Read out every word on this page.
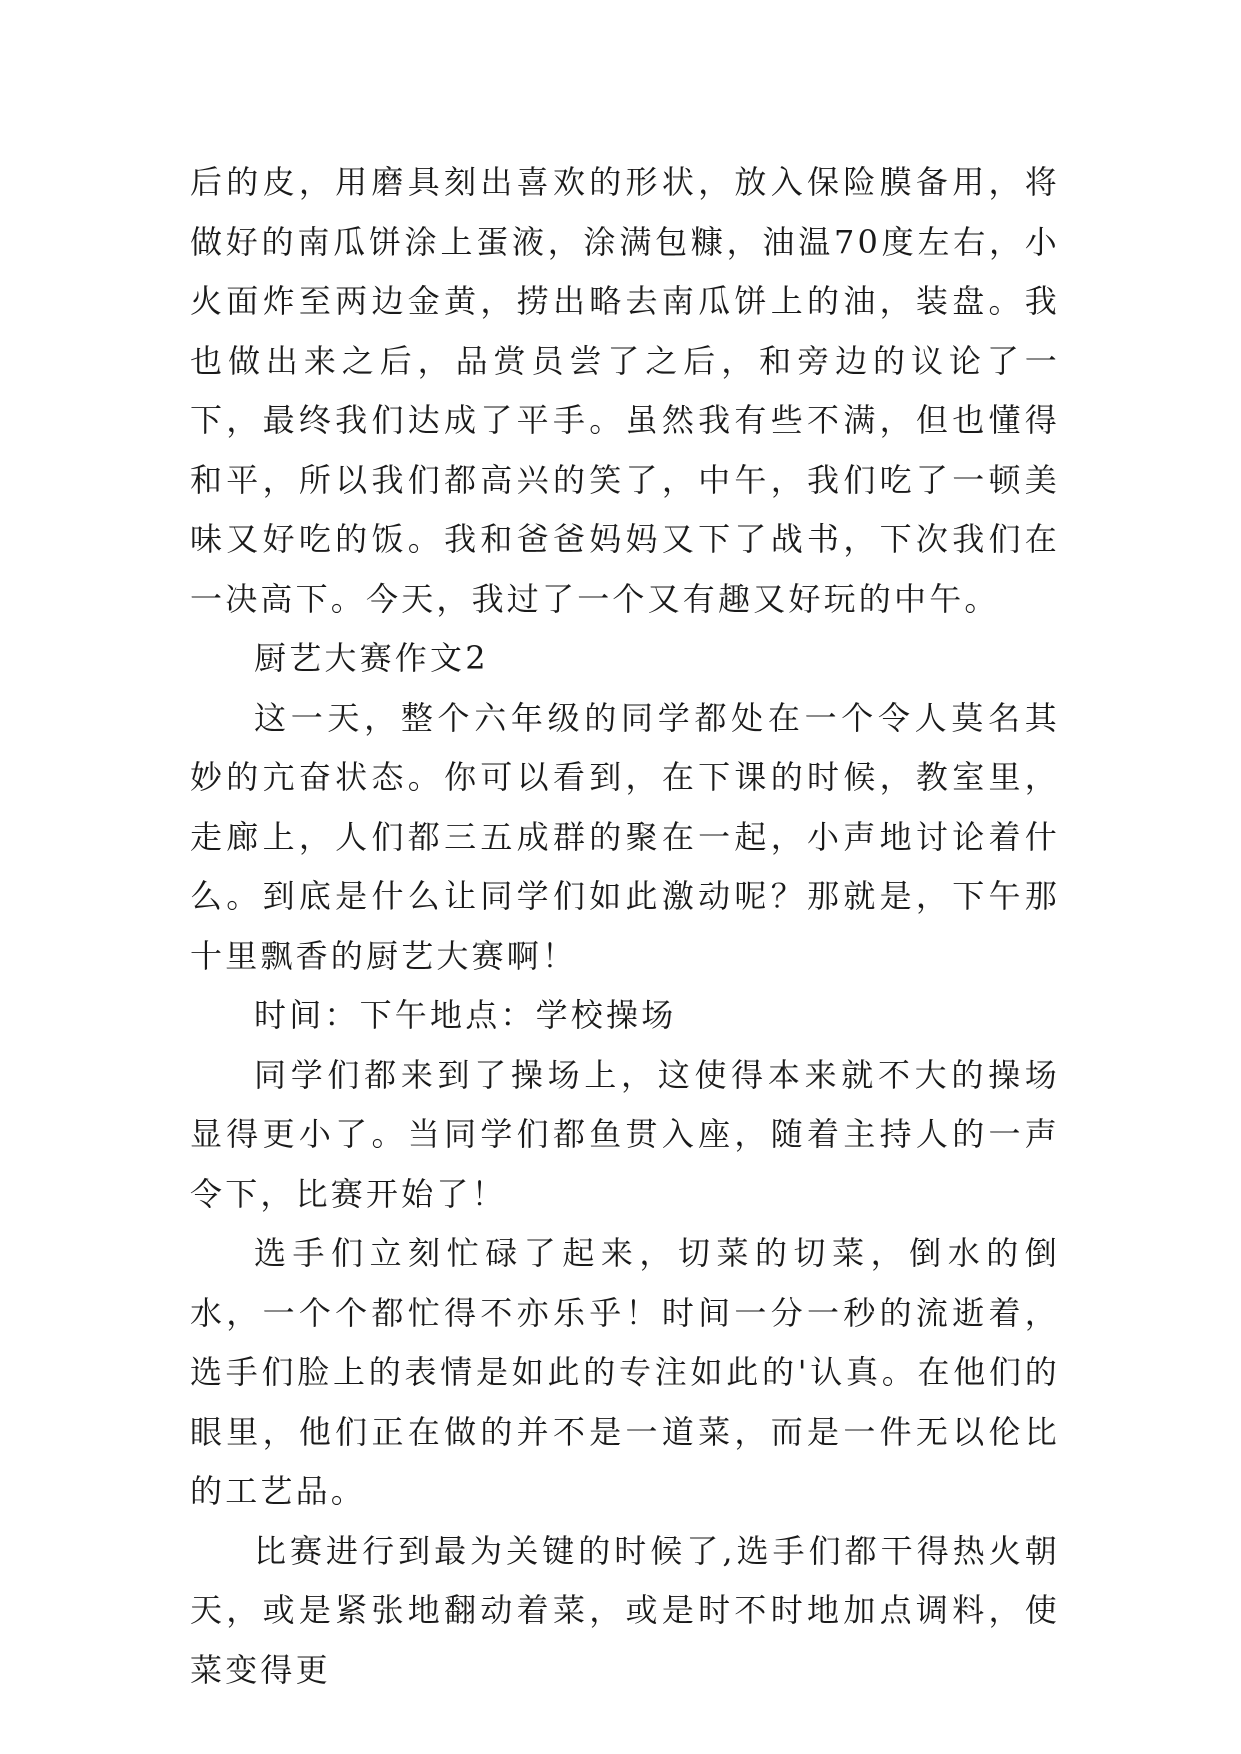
后的皮，用磨具刻出喜欢的形状，放入保险膜备用，将做好的南瓜饼涂上蛋液，涂满包糠，油温70度左右，小火面炸至两边金黄，捞出略去南瓜饼上的油，装盘。我也做出来之后，品赏员尝了之后，和旁边的议论了一下，最终我们达成了平手。虽然我有些不满，但也懂得和平，所以我们都高兴的笑了，中午，我们吃了一顿美味又好吃的饭。我和爸爸妈妈又下了战书，下次我们在一决高下。今天，我过了一个又有趣又好玩的中午。

厨艺大赛作文2

这一天，整个六年级的同学都处在一个令人莫名其妙的亢奋状态。你可以看到，在下课的时候，教室里，走廊上，人们都三五成群的聚在一起，小声地讨论着什么。到底是什么让同学们如此激动呢？那就是，下午那十里飘香的厨艺大赛啊！

时间：下午地点：学校操场

同学们都来到了操场上，这使得本来就不大的操场显得更小了。当同学们都鱼贯入座，随着主持人的一声令下，比赛开始了！

选手们立刻忙碌了起来，切菜的切菜，倒水的倒水，一个个都忙得不亦乐乎！时间一分一秒的流逝着，选手们脸上的表情是如此的专注如此的'认真。在他们的眼里，他们正在做的并不是一道菜，而是一件无以伦比的工艺品。

比赛进行到最为关键的时候了,选手们都干得热火朝天，或是紧张地翻动着菜，或是时不时地加点调料，使菜变得更
